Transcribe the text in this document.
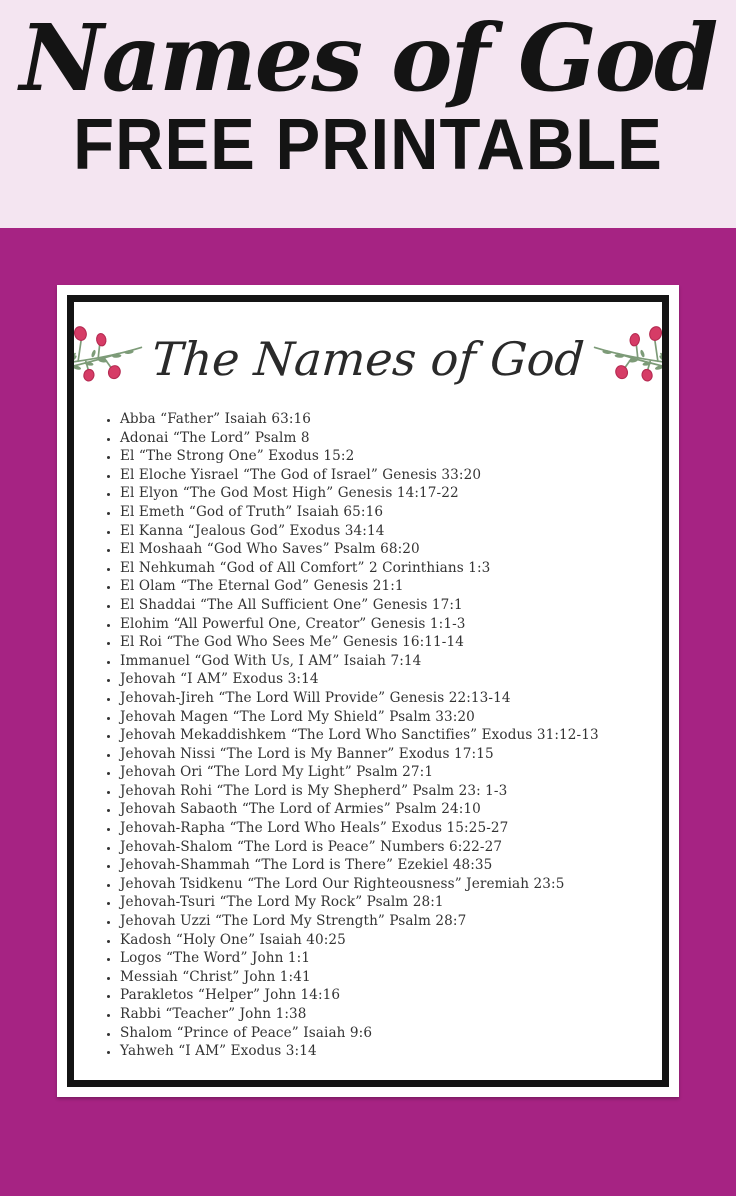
Names of God
FREE PRINTABLE
The Names of God
• Abba “Father” Isaiah 63:16
• Adonai “The Lord” Psalm 8
• El “The Strong One” Exodus 15:2
• El Eloche Yisrael “The God of Israel” Genesis 33:20
• El Elyon “The God Most High” Genesis 14:17-22
• El Emeth “God of Truth” Isaiah 65:16
• El Kanna “Jealous God” Exodus 34:14
• El Moshaah “God Who Saves” Psalm 68:20
• El Nehkumah “God of All Comfort” 2 Corinthians 1:3
• El Olam “The Eternal God” Genesis 21:1
• El Shaddai “The All Sufficient One” Genesis 17:1
• Elohim “All Powerful One, Creator” Genesis 1:1-3
• El Roi “The God Who Sees Me” Genesis 16:11-14
• Immanuel “God With Us, I AM” Isaiah 7:14
• Jehovah “I AM” Exodus 3:14
• Jehovah-Jireh “The Lord Will Provide” Genesis 22:13-14
• Jehovah Magen “The Lord My Shield” Psalm 33:20
• Jehovah Mekaddishkem “The Lord Who Sanctifies” Exodus 31:12-13
• Jehovah Nissi “The Lord is My Banner” Exodus 17:15
• Jehovah Ori “The Lord My Light” Psalm 27:1
• Jehovah Rohi “The Lord is My Shepherd” Psalm 23: 1-3
• Jehovah Sabaoth “The Lord of Armies” Psalm 24:10
• Jehovah-Rapha “The Lord Who Heals” Exodus 15:25-27
• Jehovah-Shalom “The Lord is Peace” Numbers 6:22-27
• Jehovah-Shammah “The Lord is There” Ezekiel 48:35
• Jehovah Tsidkenu “The Lord Our Righteousness” Jeremiah 23:5
• Jehovah-Tsuri “The Lord My Rock” Psalm 28:1
• Jehovah Uzzi “The Lord My Strength” Psalm 28:7
• Kadosh “Holy One” Isaiah 40:25
• Logos “The Word” John 1:1
• Messiah “Christ” John 1:41
• Parakletos “Helper” John 14:16
• Rabbi “Teacher” John 1:38
• Shalom “Prince of Peace” Isaiah 9:6
• Yahweh “I AM” Exodus 3:14
